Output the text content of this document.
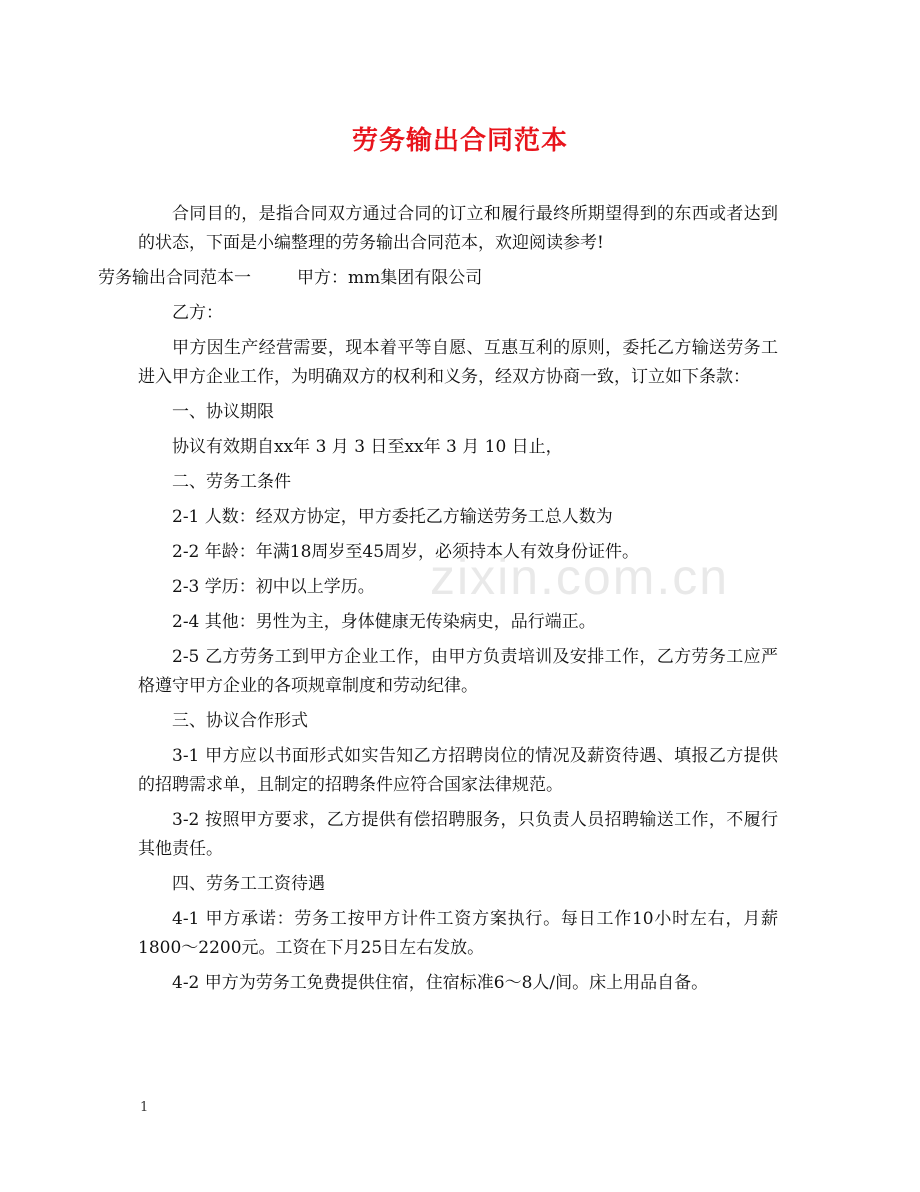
劳务输出合同范本

合同目的，是指合同双方通过合同的订立和履行最终所期望得到的东西或者达到的状态，下面是小编整理的劳务输出合同范本，欢迎阅读参考!

劳务输出合同范本一	甲方：mm集团有限公司

乙方：

甲方因生产经营需要，现本着平等自愿、互惠互利的原则，委托乙方输送劳务工进入甲方企业工作，为明确双方的权利和义务，经双方协商一致，订立如下条款：

一、协议期限

协议有效期自xx年 3 月 3 日至xx年 3 月 10 日止，

二、劳务工条件

2-1 人数：经双方协定，甲方委托乙方输送劳务工总人数为

2-2 年龄：年满18周岁至45周岁，必须持本人有效身份证件。

2-3 学历：初中以上学历。

2-4 其他：男性为主，身体健康无传染病史，品行端正。

2-5 乙方劳务工到甲方企业工作，由甲方负责培训及安排工作，乙方劳务工应严格遵守甲方企业的各项规章制度和劳动纪律。

三、协议合作形式

3-1 甲方应以书面形式如实告知乙方招聘岗位的情况及薪资待遇、填报乙方提供的招聘需求单，且制定的招聘条件应符合国家法律规范。

3-2 按照甲方要求，乙方提供有偿招聘服务，只负责人员招聘输送工作，不履行其他责任。

四、劳务工工资待遇

4-1 甲方承诺：劳务工按甲方计件工资方案执行。每日工作10小时左右，月薪1800～2200元。工资在下月25日左右发放。

4-2 甲方为劳务工免费提供住宿，住宿标准6～8人/间。床上用品自备。

zixin.com.cn
1
